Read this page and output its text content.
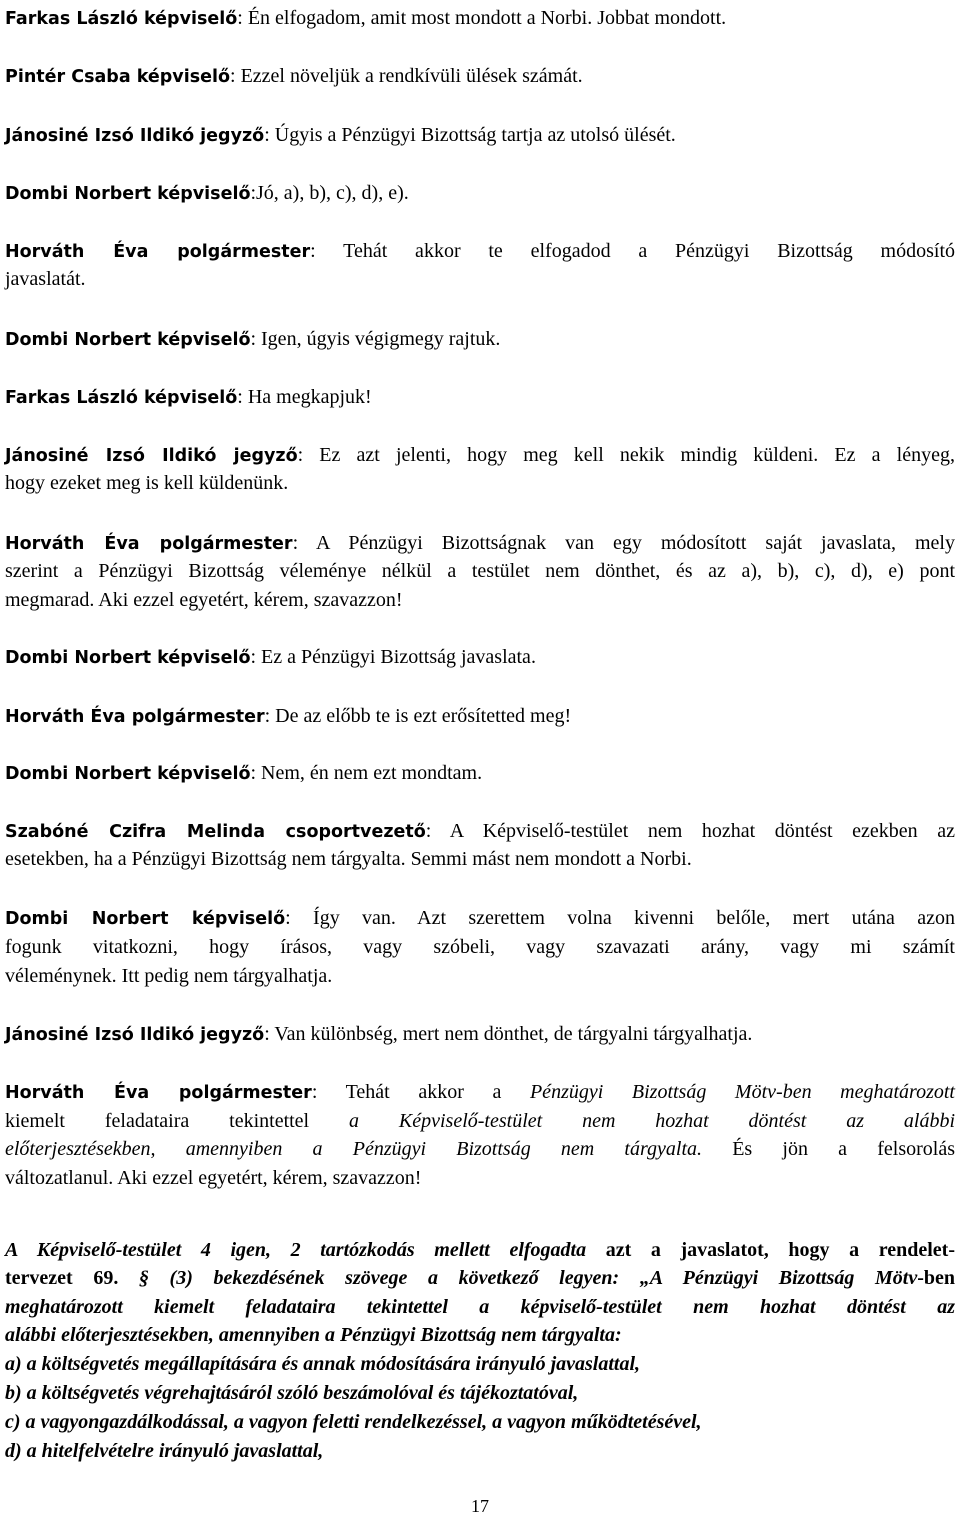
Farkas László képviselő: Én elfogadom, amit most mondott a Norbi. Jobbat mondott.
Pintér Csaba képviselő: Ezzel növeljük a rendkívüli ülések számát.
Jánosiné Izsó Ildikó jegyző: Úgyis a Pénzügyi Bizottság tartja az utolsó ülését.
Dombi Norbert képviselő:Jó, a), b), c), d), e).
Horváth Éva polgármester: Tehát akkor te elfogadod a Pénzügyi Bizottság módosító
javaslatát.
Dombi Norbert képviselő: Igen, úgyis végigmegy rajtuk.
Farkas László képviselő: Ha megkapjuk!
Jánosiné Izsó Ildikó jegyző: Ez azt jelenti, hogy meg kell nekik mindig küldeni. Ez a lényeg,
hogy ezeket meg is kell küldenünk.
Horváth Éva polgármester: A Pénzügyi Bizottságnak van egy módosított saját javaslata, mely
szerint a Pénzügyi Bizottság véleménye nélkül a testület nem dönthet, és az a), b), c), d), e) pont
megmarad. Aki ezzel egyetért, kérem, szavazzon!
Dombi Norbert képviselő: Ez a Pénzügyi Bizottság javaslata.
Horváth Éva polgármester: De az előbb te is ezt erősítetted meg!
Dombi Norbert képviselő: Nem, én nem ezt mondtam.
Szabóné Czifra Melinda csoportvezető: A Képviselő-testület nem hozhat döntést ezekben az
esetekben, ha a Pénzügyi Bizottság nem tárgyalta. Semmi mást nem mondott a Norbi.
Dombi Norbert képviselő: Így van. Azt szerettem volna kivenni belőle, mert utána azon
fogunk vitatkozni, hogy írásos, vagy szóbeli, vagy szavazati arány, vagy mi számít
véleménynek. Itt pedig nem tárgyalhatja.
Jánosiné Izsó Ildikó jegyző: Van különbség, mert nem dönthet, de tárgyalni tárgyalhatja.
Horváth Éva polgármester: Tehát akkor a Pénzügyi Bizottság Mötv-ben meghatározott
kiemelt feladataira tekintettel a Képviselő-testület nem hozhat döntést az alábbi
előterjesztésekben, amennyiben a Pénzügyi Bizottság nem tárgyalta. És jön a felsorolás
változatlanul. Aki ezzel egyetért, kérem, szavazzon!
A Képviselő-testület 4 igen, 2 tartózkodás mellett elfogadta azt a javaslatot, hogy a rendelet-
tervezet 69. § (3) bekezdésének szövege a következő legyen: „A Pénzügyi Bizottság Mötv-ben
meghatározott kiemelt feladataira tekintettel a képviselő-testület nem hozhat döntést az
alábbi előterjesztésekben, amennyiben a Pénzügyi Bizottság nem tárgyalta:
a) a költségvetés megállapítására és annak módosítására irányuló javaslattal,
b) a költségvetés végrehajtásáról szóló beszámolóval és tájékoztatóval,
c) a vagyongazdálkodással, a vagyon feletti rendelkezéssel, a vagyon működtetésével,
d) a hitelfelvételre irányuló javaslattal,
17
